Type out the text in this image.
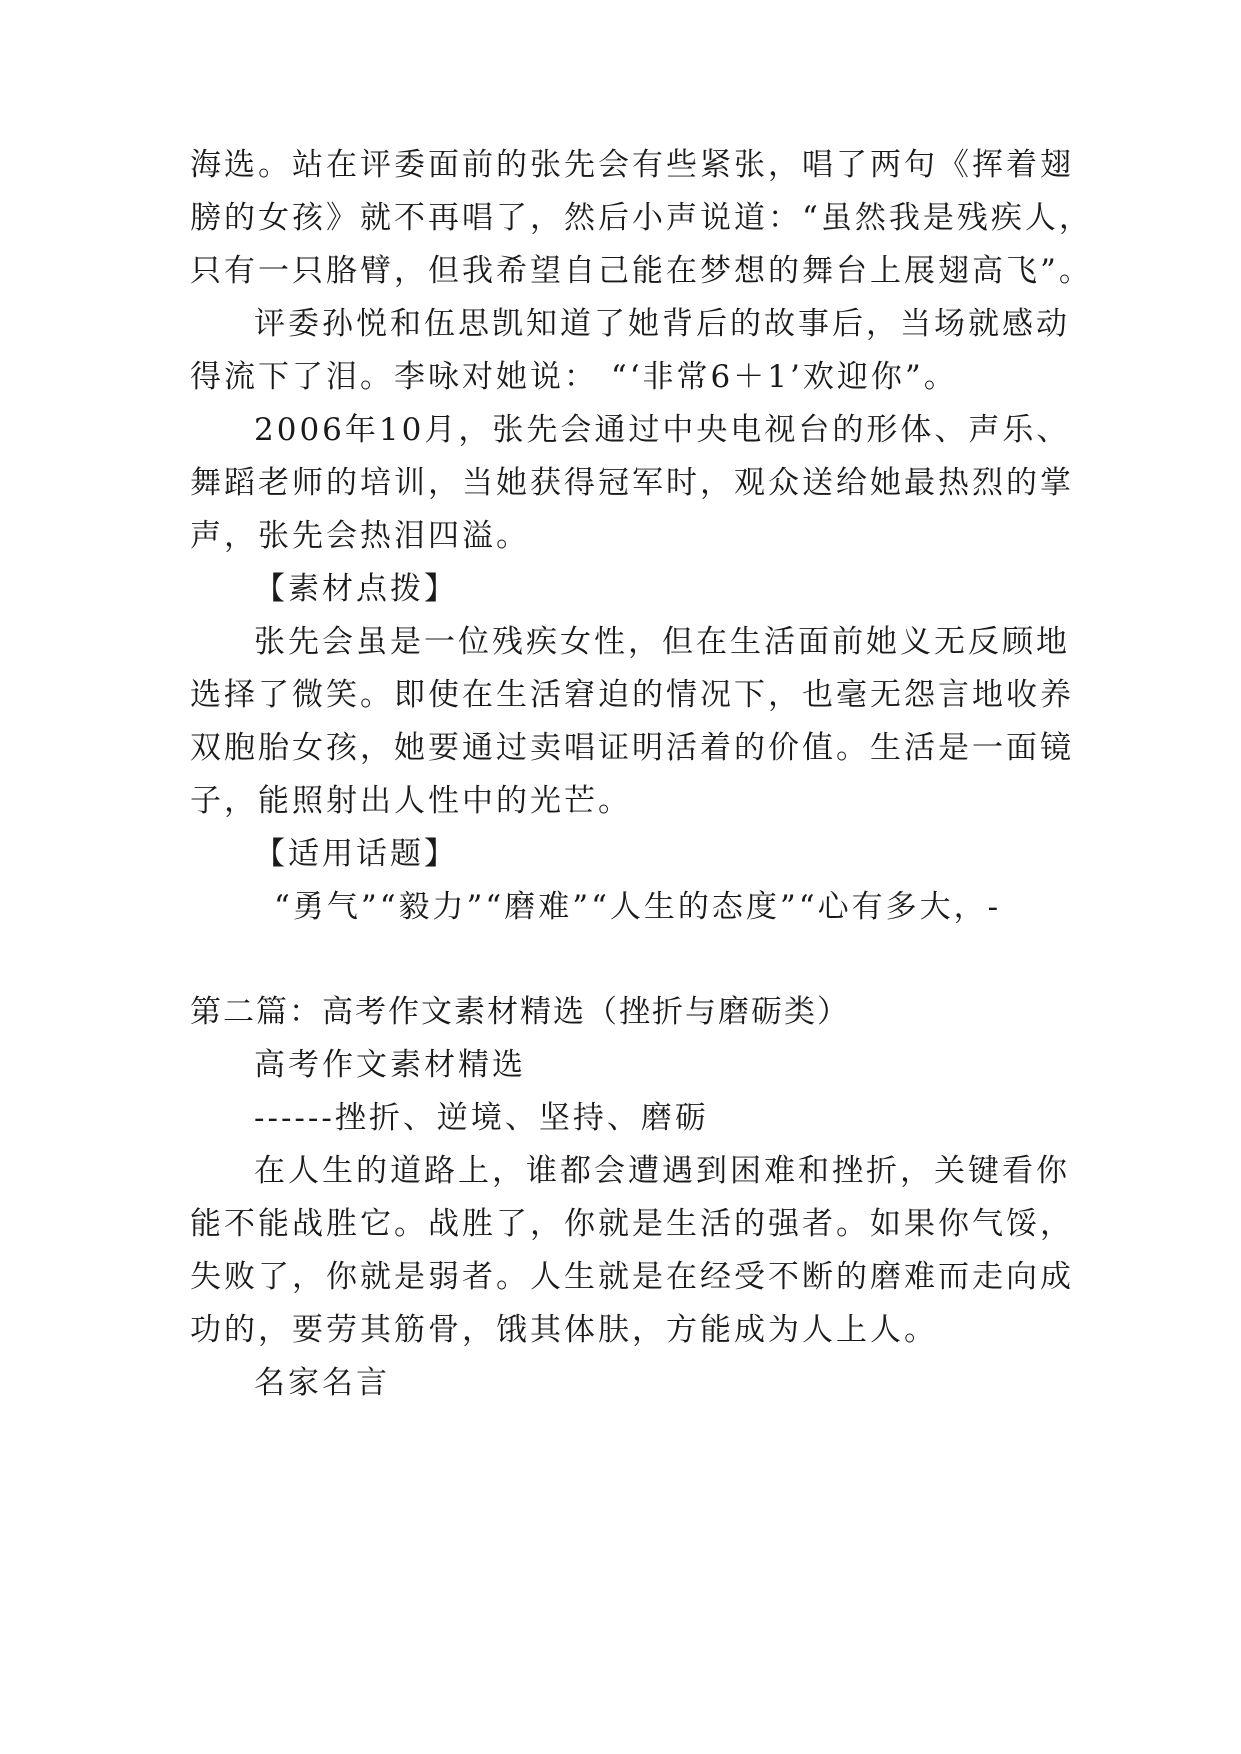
海选。站在评委面前的张先会有些紧张，唱了两句《挥着翅
膀的女孩》就不再唱了，然后小声说道：“虽然我是残疾人，
只有一只胳臂，但我希望自己能在梦想的舞台上展翅高飞”。
评委孙悦和伍思凯知道了她背后的故事后，当场就感动
得流下了泪。李咏对她说： “‘非常6＋1’欢迎你”。
2006年10月，张先会通过中央电视台的形体、声乐、
舞蹈老师的培训，当她获得冠军时，观众送给她最热烈的掌
声，张先会热泪四溢。
【素材点拨】
张先会虽是一位残疾女性，但在生活面前她义无反顾地
选择了微笑。即使在生活窘迫的情况下，也毫无怨言地收养
双胞胎女孩，她要通过卖唱证明活着的价值。生活是一面镜
子，能照射出人性中的光芒。
【适用话题】
“勇气”“毅力”“磨难”“人生的态度”“心有多大，-
第二篇：高考作文素材精选（挫折与磨砺类）
高考作文素材精选
------挫折、逆境、坚持、磨砺
在人生的道路上，谁都会遭遇到困难和挫折，关键看你
能不能战胜它。战胜了，你就是生活的强者。如果你气馁，
失败了，你就是弱者。人生就是在经受不断的磨难而走向成
功的，要劳其筋骨，饿其体肤，方能成为人上人。
名家名言
